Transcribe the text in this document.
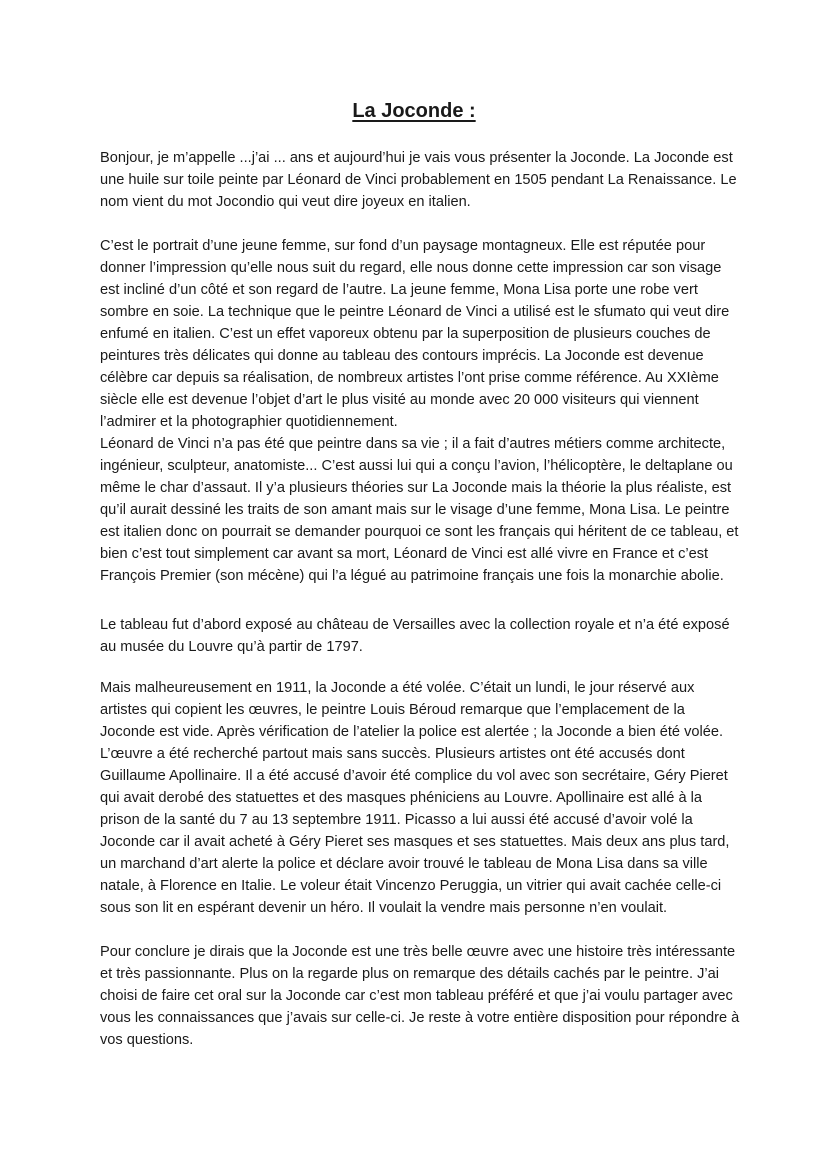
La Joconde :

Bonjour, je m’appelle ...j’ai ... ans et aujourd’hui je vais vous présenter la Joconde. La Joconde est une huile sur toile peinte par Léonard de Vinci probablement en 1505 pendant La Renaissance. Le nom vient du mot Jocondio qui veut dire joyeux en italien.

C’est le portrait d’une jeune femme, sur fond d’un paysage montagneux. Elle est réputée pour donner l’impression qu’elle nous suit du regard, elle nous donne cette impression car son visage est incliné d’un côté et son regard de l’autre. La jeune femme, Mona Lisa porte une robe vert sombre en soie. La technique que le peintre Léonard de Vinci a utilisé est le sfumato qui veut dire enfumé en italien. C’est un effet vaporeux obtenu par la superposition de plusieurs couches de peintures très délicates qui donne au tableau des contours imprécis. La Joconde est devenue célèbre car depuis sa réalisation, de nombreux artistes l’ont prise comme référence. Au XXIème siècle elle est devenue l’objet d’art le plus visité au monde avec 20 000 visiteurs qui viennent l’admirer et la photographier quotidiennement.

Léonard de Vinci n’a pas été que peintre dans sa vie ; il a fait d’autres métiers comme architecte, ingénieur, sculpteur, anatomiste... C’est aussi lui qui a conçu l’avion, l’hélicoptère, le deltaplane ou même le char d’assaut. Il y’a plusieurs théories sur La Joconde mais la théorie la plus réaliste, est qu’il aurait dessiné les traits de son amant mais sur le visage d’une femme, Mona Lisa. Le peintre est italien donc on pourrait se demander pourquoi ce sont les français qui héritent de ce tableau, et bien c’est tout simplement car avant sa mort, Léonard de Vinci est allé vivre en France et c’est François Premier (son mécène) qui l’a légué au patrimoine français une fois la monarchie abolie.

Le tableau fut d’abord exposé au château de Versailles avec la collection royale et n’a été exposé au musée du Louvre qu’à partir de 1797.

Mais malheureusement en 1911, la Joconde a été volée. C’était un lundi, le jour réservé aux artistes qui copient les œuvres, le peintre Louis Béroud remarque que l’emplacement de la Joconde est vide. Après vérification de l’atelier la police est alertée ; la Joconde a bien été volée. L’œuvre a été recherché partout mais sans succès. Plusieurs artistes ont été accusés dont Guillaume Apollinaire. Il a été accusé d’avoir été complice du vol avec son secrétaire, Géry Pieret qui avait derobé des statuettes et des masques phéniciens au Louvre. Apollinaire est allé à la prison de la santé du 7 au 13 septembre 1911. Picasso a lui aussi été accusé d’avoir volé la Joconde car il avait acheté à Géry Pieret ses masques et ses statuettes. Mais deux ans plus tard, un marchand d’art alerte la police et déclare avoir trouvé le tableau de Mona Lisa dans sa ville natale, à Florence en Italie. Le voleur était Vincenzo Peruggia, un vitrier qui avait cachée celle-ci sous son lit en espérant devenir un héro. Il voulait la vendre mais personne n’en voulait.

Pour conclure je dirais que la Joconde est une très belle œuvre avec une histoire très intéressante et très passionnante. Plus on la regarde plus on remarque des détails cachés par le peintre. J’ai choisi de faire cet oral sur la Joconde car c’est mon tableau préféré et que j’ai voulu partager avec vous les connaissances que j’avais sur celle-ci. Je reste à votre entière disposition pour répondre à vos questions.
